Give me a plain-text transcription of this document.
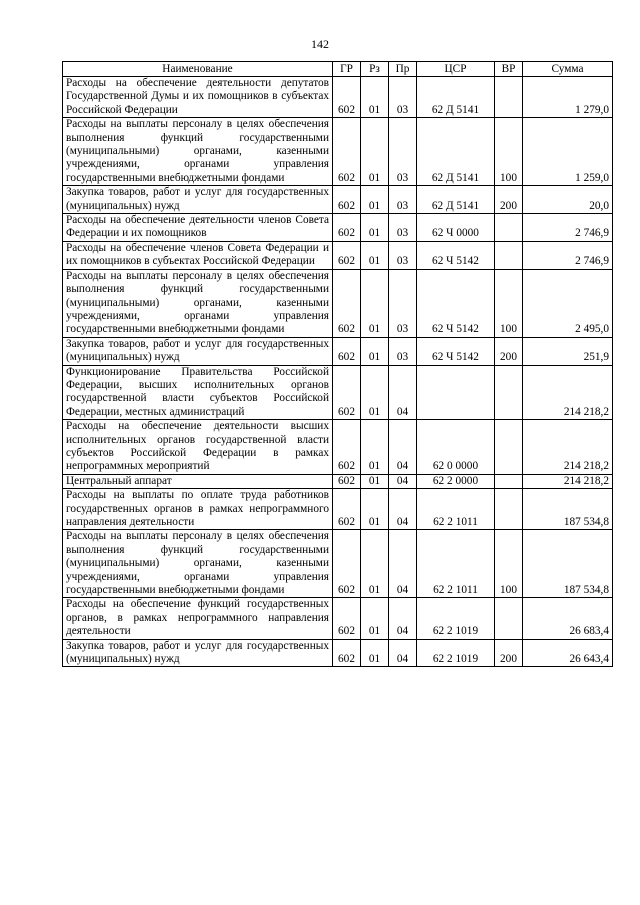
142
Наименование	ГР	Рз	Пр	ЦСР	ВР	Сумма
Расходы на обеспечение деятельности депутатов Государственной Думы и их помощников в субъектах Российской Федерации	602	01	03	62 Д 5141		1 279,0
Расходы на выплаты персоналу в целях обеспечения выполнения функций государственными (муниципальными) органами, казенными учреждениями, органами управления государственными внебюджетными фондами	602	01	03	62 Д 5141	100	1 259,0
Закупка товаров, работ и услуг для государственных (муниципальных) нужд	602	01	03	62 Д 5141	200	20,0
Расходы на обеспечение деятельности членов Совета Федерации и их помощников	602	01	03	62 Ч 0000		2 746,9
Расходы на обеспечение членов Совета Федерации и их помощников в субъектах Российской Федерации	602	01	03	62 Ч 5142		2 746,9
Расходы на выплаты персоналу в целях обеспечения выполнения функций государственными (муниципальными) органами, казенными учреждениями, органами управления государственными внебюджетными фондами	602	01	03	62 Ч 5142	100	2 495,0
Закупка товаров, работ и услуг для государственных (муниципальных) нужд	602	01	03	62 Ч 5142	200	251,9
Функционирование Правительства Российской Федерации, высших исполнительных органов государственной власти субъектов Российской Федерации, местных администраций	602	01	04			214 218,2
Расходы на обеспечение деятельности высших исполнительных органов государственной власти субъектов Российской Федерации в рамках непрограммных мероприятий	602	01	04	62 0 0000		214 218,2
Центральный аппарат	602	01	04	62 2 0000		214 218,2
Расходы на выплаты по оплате труда работников государственных органов в рамках непрограммного направления деятельности	602	01	04	62 2 1011		187 534,8
Расходы на выплаты персоналу в целях обеспечения выполнения функций государственными (муниципальными) органами, казенными учреждениями, органами управления государственными внебюджетными фондами	602	01	04	62 2 1011	100	187 534,8
Расходы на обеспечение функций государственных органов, в рамках непрограммного направления деятельности	602	01	04	62 2 1019		26 683,4
Закупка товаров, работ и услуг для государственных (муниципальных) нужд	602	01	04	62 2 1019	200	26 643,4
